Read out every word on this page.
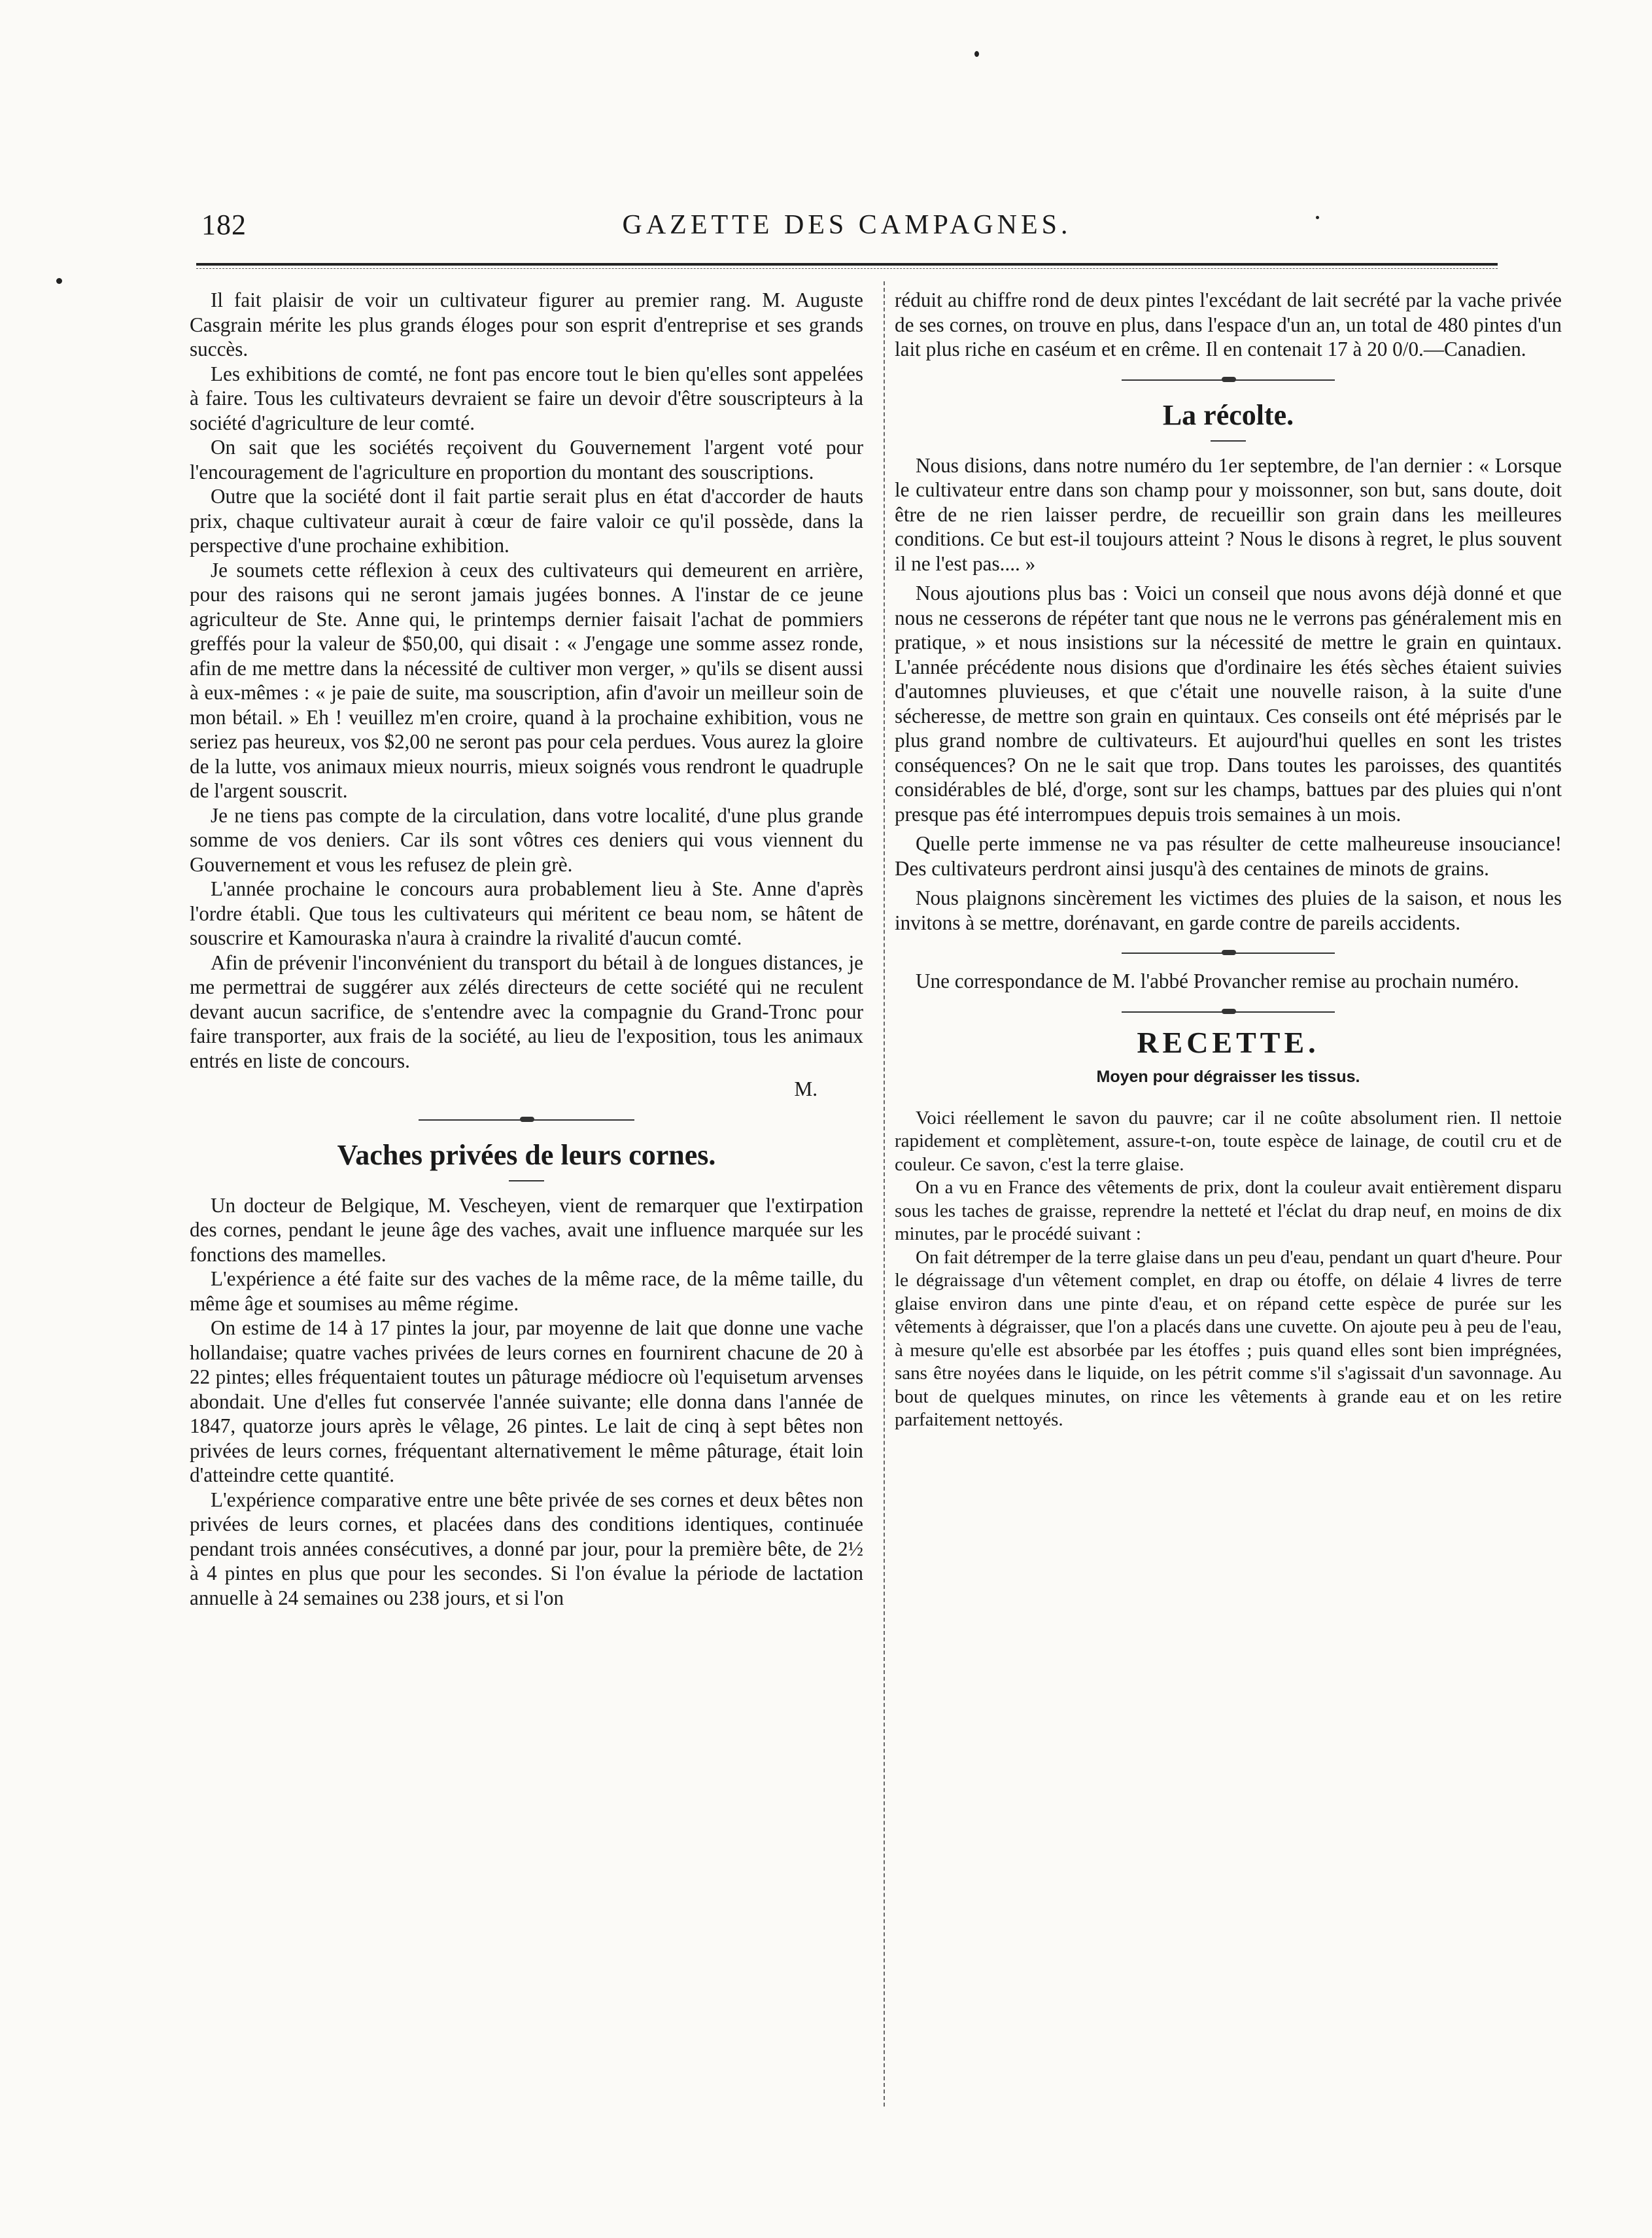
182	GAZETTE DES CAMPAGNES.

Il fait plaisir de voir un cultivateur figurer au premier rang. M. Auguste Casgrain mérite les plus grands éloges pour son esprit d'entreprise et ses grands succès.

Les exhibitions de comté, ne font pas encore tout le bien qu'elles sont appelées à faire. Tous les cultivateurs devraient se faire un devoir d'être souscripteurs à la société d'agriculture de leur comté.

On sait que les sociétés reçoivent du Gouvernement l'argent voté pour l'encouragement de l'agriculture en proportion du montant des souscriptions.

Outre que la société dont il fait partie serait plus en état d'accorder de hauts prix, chaque cultivateur aurait à cœur de faire valoir ce qu'il possède, dans la perspective d'une prochaine exhibition.

Je soumets cette réflexion à ceux des cultivateurs qui demeurent en arrière, pour des raisons qui ne seront jamais jugées bonnes. A l'instar de ce jeune agriculteur de Ste. Anne qui, le printemps dernier faisait l'achat de pommiers greffés pour la valeur de $50,00, qui disait : « J'engage une somme assez ronde, afin de me mettre dans la nécessité de cultiver mon verger, » qu'ils se disent aussi à eux-mêmes : « je paie de suite, ma souscription, afin d'avoir un meilleur soin de mon bétail. » Eh ! veuillez m'en croire, quand à la prochaine exhibition, vous ne seriez pas heureux, vos $2,00 ne seront pas pour cela perdues. Vous aurez la gloire de la lutte, vos animaux mieux nourris, mieux soignés vous rendront le quadruple de l'argent souscrit.

Je ne tiens pas compte de la circulation, dans votre localité, d'une plus grande somme de vos deniers. Car ils sont vôtres ces deniers qui vous viennent du Gouvernement et vous les refusez de plein grè.

L'année prochaine le concours aura probablement lieu à Ste. Anne d'après l'ordre établi. Que tous les cultivateurs qui méritent ce beau nom, se hâtent de souscrire et Kamouraska n'aura à craindre la rivalité d'aucun comté.

Afin de prévenir l'inconvénient du transport du bétail à de longues distances, je me permettrai de suggérer aux zélés directeurs de cette société qui ne reculent devant aucun sacrifice, de s'entendre avec la compagnie du Grand-Tronc pour faire transporter, aux frais de la société, au lieu de l'exposition, tous les animaux entrés en liste de concours.

M.
Vaches privées de leurs cornes.

Un docteur de Belgique, M. Vescheyen, vient de remarquer que l'extirpation des cornes, pendant le jeune âge des vaches, avait une influence marquée sur les fonctions des mamelles.

L'expérience a été faite sur des vaches de la même race, de la même taille, du même âge et soumises au même régime.

On estime de 14 à 17 pintes la jour, par moyenne de lait que donne une vache hollandaise; quatre vaches privées de leurs cornes en fournirent chacune de 20 à 22 pintes; elles fréquentaient toutes un pâturage médiocre où l'equisetum arvenses abondait. Une d'elles fut conservée l'année suivante; elle donna dans l'année de 1847, quatorze jours après le vêlage, 26 pintes. Le lait de cinq à sept bêtes non privées de leurs cornes, fréquentant alternativement le même pâturage, était loin d'atteindre cette quantité.

L'expérience comparative entre une bête privée de ses cornes et deux bêtes non privées de leurs cornes, et placées dans des conditions identiques, continuée pendant trois années consécutives, a donné par jour, pour la première bête, de 2½ à 4 pintes en plus que pour les secondes. Si l'on évalue la période de lactation annuelle à 24 semaines ou 238 jours, et si l'on

réduit au chiffre rond de deux pintes l'excédant de lait secrété par la vache privée de ses cornes, on trouve en plus, dans l'espace d'un an, un total de 480 pintes d'un lait plus riche en caséum et en crême. Il en contenait 17 à 20 0/0.—Canadien.

La récolte.

Nous disions, dans notre numéro du 1er septembre, de l'an dernier : « Lorsque le cultivateur entre dans son champ pour y moissonner, son but, sans doute, doit être de ne rien laisser perdre, de recueillir son grain dans les meilleures conditions. Ce but est-il toujours atteint ? Nous le disons à regret, le plus souvent il ne l'est pas.... »

Nous ajoutions plus bas : Voici un conseil que nous avons déjà donné et que nous ne cesserons de répéter tant que nous ne le verrons pas généralement mis en pratique, » et nous insistions sur la nécessité de mettre le grain en quintaux. L'année précédente nous disions que d'ordinaire les étés sèches étaient suivies d'automnes pluvieuses, et que c'était une nouvelle raison, à la suite d'une sécheresse, de mettre son grain en quintaux. Ces conseils ont été méprisés par le plus grand nombre de cultivateurs. Et aujourd'hui quelles en sont les tristes conséquences? On ne le sait que trop. Dans toutes les paroisses, des quantités considérables de blé, d'orge, sont sur les champs, battues par des pluies qui n'ont presque pas été interrompues depuis trois semaines à un mois.

Quelle perte immense ne va pas résulter de cette malheureuse insouciance! Des cultivateurs perdront ainsi jusqu'à des centaines de minots de grains.

Nous plaignons sincèrement les victimes des pluies de la saison, et nous les invitons à se mettre, dorénavant, en garde contre de pareils accidents.

Une correspondance de M. l'abbé Provancher remise au prochain numéro.

RECETTE.
Moyen pour dégraisser les tissus.

Voici réellement le savon du pauvre; car il ne coûte absolument rien. Il nettoie rapidement et complètement, assure-t-on, toute espèce de lainage, de coutil cru et de couleur. Ce savon, c'est la terre glaise.

On a vu en France des vêtements de prix, dont la couleur avait entièrement disparu sous les taches de graisse, reprendre la netteté et l'éclat du drap neuf, en moins de dix minutes, par le procédé suivant :

On fait détremper de la terre glaise dans un peu d'eau, pendant un quart d'heure. Pour le dégraissage d'un vêtement complet, en drap ou étoffe, on délaie 4 livres de terre glaise environ dans une pinte d'eau, et on répand cette espèce de purée sur les vêtements à dégraisser, que l'on a placés dans une cuvette. On ajoute peu à peu de l'eau, à mesure qu'elle est absorbée par les étoffes ; puis quand elles sont bien imprégnées, sans être noyées dans le liquide, on les pétrit comme s'il s'agissait d'un savonnage. Au bout de quelques minutes, on rince les vêtements à grande eau et on les retire parfaitement nettoyés.
